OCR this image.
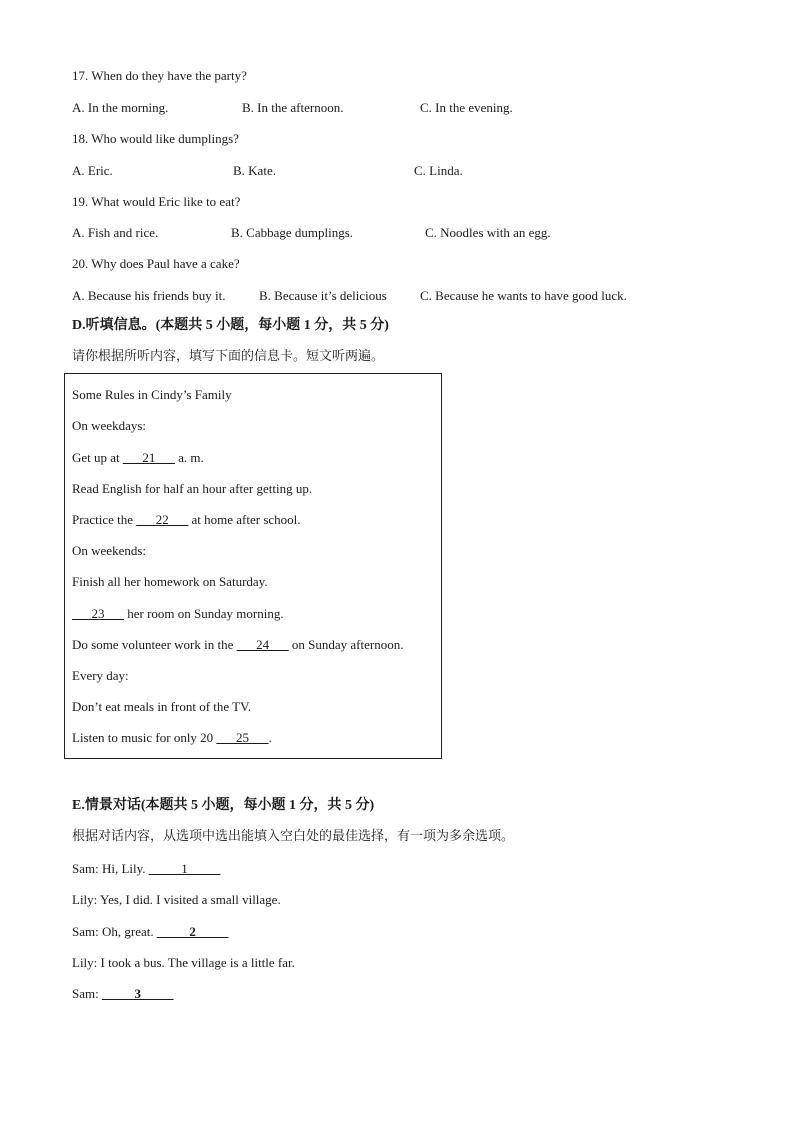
17. When do they have the party?
A. In the morning.	B. In the afternoon.	C. In the evening.
18. Who would like dumplings?
A. Eric.	B. Kate.	C. Linda.
19. What would Eric like to eat?
A. Fish and rice.	B. Cabbage dumplings.	C. Noodles with an egg.
20. Why does Paul have a cake?
A. Because his friends buy it.	B. Because it’s delicious	C. Because he wants to have good luck.
D.听填信息。(本题共 5 小题，每小题 1 分，共 5 分)
请你根据所听内容，填写下面的信息卡。短文听两遍。
Some Rules in Cindy’s Family
On weekdays:
Get up at ___21___ a. m.
Read English for half an hour after getting up.
Practice the ___22___ at home after school.
On weekends:
Finish all her homework on Saturday.
___23___ her room on Sunday morning.
Do some volunteer work in the ___24___ on Sunday afternoon.
Every day:
Don’t eat meals in front of the TV.
Listen to music for only 20 ___25___.
E.情景对话(本题共 5 小题，每小题 1 分，共 5 分)
根据对话内容，从选项中选出能填入空白处的最佳选择，有一项为多余选项。
Sam: Hi, Lily. _____1_____
Lily: Yes, I did. I visited a small village.
Sam: Oh, great. _____2_____
Lily: I took a bus. The village is a little far.
Sam: _____3_____
